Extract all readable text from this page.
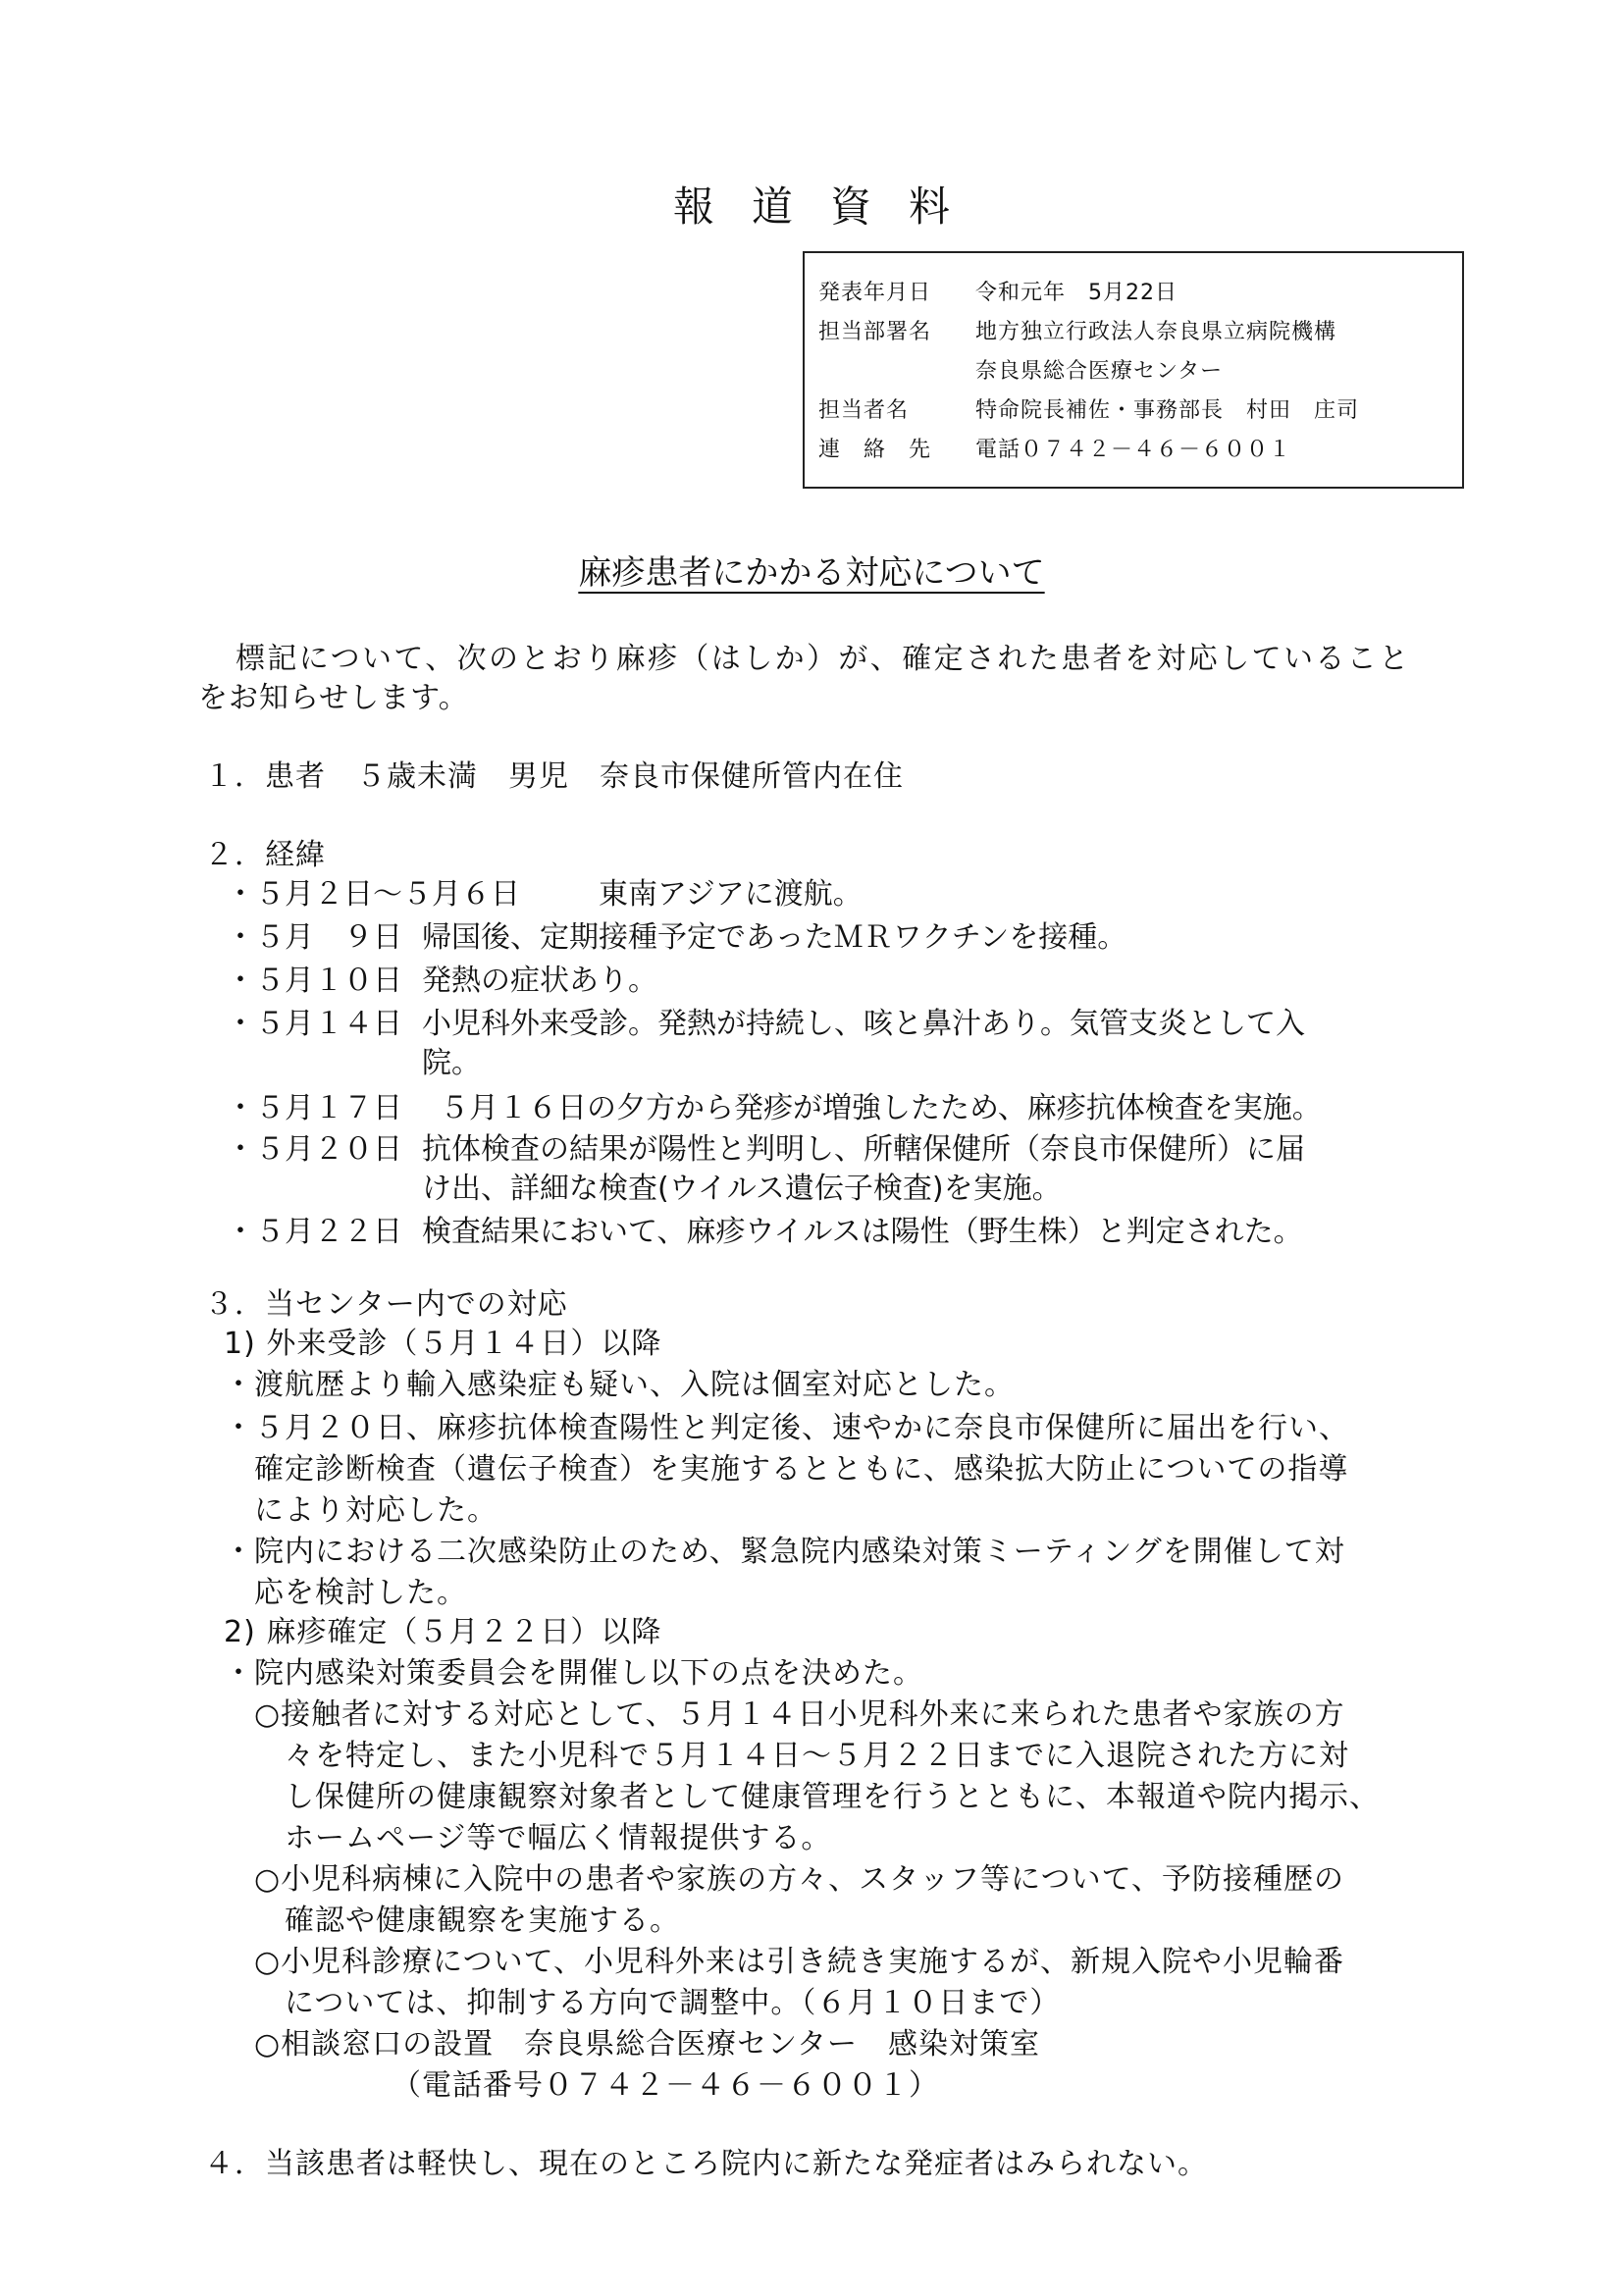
報道資料
発表年月日	令和元年　5月22日
担当部署名	地方独立行政法人奈良県立病院機構
奈良県総合医療センター
担当者名	特命院長補佐・事務部長　村田　庄司
連　絡　先	電話０７４２－４６－６００１
麻疹患者にかかる対応について
標記について、次のとおり麻疹（はしか）が、確定された患者を対応していること
をお知らせします。
１．患者　５歳未満　男児　奈良市保健所管内在住
２．経緯
・５月２日～５月６日 　東南アジアに渡航。
・５月　９日 帰国後、定期接種予定であったＭＲワクチンを接種。
・５月１０日 発熱の症状あり。
・５月１４日 小児科外来受診。発熱が持続し、咳と鼻汁あり。気管支炎として入
院。
・５月１７日 ５月１６日の夕方から発疹が増強したため、麻疹抗体検査を実施。
・５月２０日 抗体検査の結果が陽性と判明し、所轄保健所（奈良市保健所）に届
け出、詳細な検査(ウイルス遺伝子検査)を実施。
・５月２２日 検査結果において、麻疹ウイルスは陽性（野生株）と判定された。
３．当センター内での対応
1) 外来受診（５月１４日）以降
・渡航歴より輸入感染症も疑い、入院は個室対応とした。
・５月２０日、麻疹抗体検査陽性と判定後、速やかに奈良市保健所に届出を行い、
　確定診断検査（遺伝子検査）を実施するとともに、感染拡大防止についての指導
　により対応した。
・院内における二次感染防止のため、緊急院内感染対策ミーティングを開催して対
　応を検討した。
2) 麻疹確定（５月２２日）以降
・院内感染対策委員会を開催し以下の点を決めた。
　○接触者に対する対応として、５月１４日小児科外来に来られた患者や家族の方
　　々を特定し、また小児科で５月１４日～５月２２日までに入退院された方に対
　　し保健所の健康観察対象者として健康管理を行うとともに、本報道や院内掲示、
　　ホームページ等で幅広く情報提供する。
　○小児科病棟に入院中の患者や家族の方々、スタッフ等について、予防接種歴の
　　確認や健康観察を実施する。
　○小児科診療について、小児科外来は引き続き実施するが、新規入院や小児輪番
　　については、抑制する方向で調整中。（６月１０日まで）
　○相談窓口の設置　奈良県総合医療センター　感染対策室
　　　　　　（電話番号０７４２－４６－６００１）
４．当該患者は軽快し、現在のところ院内に新たな発症者はみられない。
